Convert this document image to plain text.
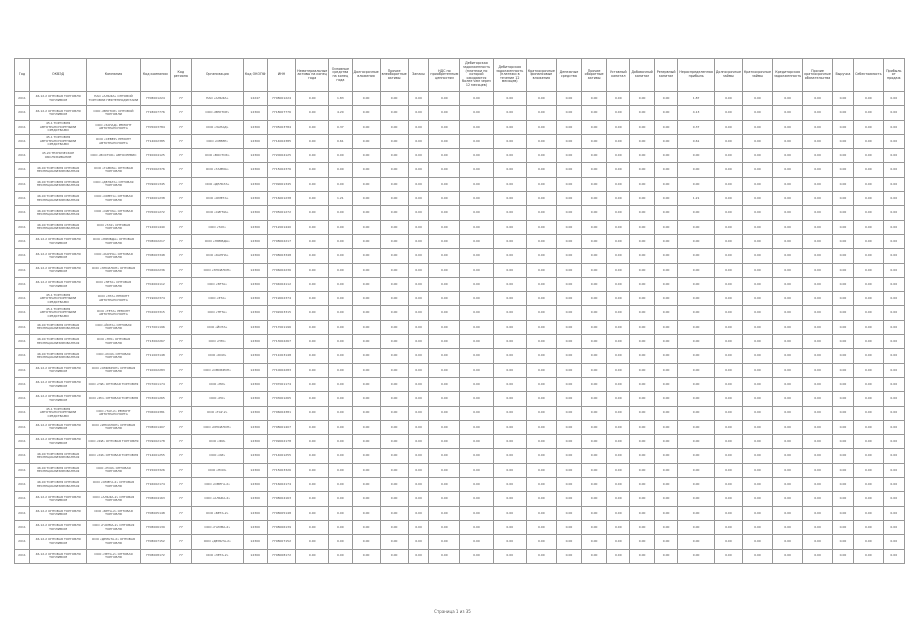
Год	ОКВЭД	Компания	Код компании	Код региона	Организация	Код ОКОПФ	ИНН	Нематериальные активы на конец года	Основные средства на конец года	Долгосрочные вложения	Прочие внеоборотные активы	Запасы	НДС по приобретенным ценностям	Дебиторская задолженность (платежи по которой ожидаются более чем через 12 месяцев)	Дебиторская задолженность (платежи в течение 12 месяцев)	Краткосрочные финансовые вложения	Денежные средства	Прочие оборотные активы	Уставный капитал	Добавочный капитал	Резервный капитал	Нераспределенная прибыль	Долгосрочные займы	Краткосрочные займы	Кредиторская задолженность	Прочие краткосрочные обязательства	Выручка	Себестоимость	Прибыль от продаж
2011	46.12.2 ОПТОВАЯ ТОРГОВЛЯ ТОПЛИВОМ	ПАО «АЛЬФА» ОПТОВОЙ ТОРГОВЛИ НЕФТЕПРОДУКТАМИ	7708001224	77	ПАО «АЛЬФА»	12247	7708001224	0.00	1.83	0.00	0.00	0.00	0.00	0.00	0.00	0.00	0.00	0.00	0.00	0.00	0.00	1.87	0.00	0.00	0.00	0.00	0.00	0.00	0.00
2011	46.12.2 ОПТОВАЯ ТОРГОВЛЯ ТОПЛИВОМ	ООО «ВЕКТОР» ОПТОВОЙ ТОРГОВЛИ	7718007776	77	ООО «ВЕКТОР»	12300	7718007776	0.00	4.20	0.00	0.00	0.00	0.00	0.00	0.00	0.00	0.00	0.00	0.00	0.00	0.00	4.13	0.00	0.00	0.00	0.00	0.00	0.00	0.00
2011	45.1 ТОРГОВЛЯ АВТОТРАНСПОРТНЫМИ СРЕДСТВАМИ	ООО «ЗАПАД» РЕМОНТ АВТОТРАНСПОРТА	7705003784	77	ООО «ЗАПАД»	12300	7705003784	0.00	0.37	0.00	0.00	0.00	0.00	0.00	0.00	0.00	0.00	0.00	0.00	0.00	0.00	0.37	0.00	0.00	0.00	0.00	0.00	0.00	0.00
2011	45.1 ТОРГОВЛЯ АВТОТРАНСПОРТНЫМИ СРЕДСТВАМИ	ООО «СЕВЕР» РЕМОНТ АВТОТРАНСПОРТА	7714002385	77	ООО «СЕВЕР»	12300	7714002385	0.00	0.61	0.00	0.00	0.00	0.00	0.00	0.00	0.00	0.00	0.00	0.00	0.00	0.00	0.61	0.00	0.00	0.00	0.00	0.00	0.00	0.00
2011	45.20 ТЕХНИЧЕСКОЕ ОБСЛУЖИВАНИЕ	ООО «ВОСТОК» АВТОСЕРВИС	7720004125	77	ООО «ВОСТОК»	12300	7720004125	0.00	0.00	0.00	0.00	0.00	0.00	0.00	0.00	0.00	0.00	0.00	0.00	0.00	0.00	0.00	0.00	0.00	0.00	0.00	0.00	0.00	0.00
2011	46.90 ТОРГОВЛЯ ОПТОВАЯ НЕСПЕЦИАЛИЗИРОВАННАЯ	ООО «ГАММА» ОПТОВАЯ ТОРГОВЛЯ	7715002376	77	ООО «ГАММА»	12300	7715002376	0.00	0.00	0.00	0.00	0.00	0.00	0.00	0.00	0.00	0.00	0.00	0.00	0.00	0.00	0.00	0.00	0.00	0.00	0.00	0.00	0.00	0.00
2011	46.90 ТОРГОВЛЯ ОПТОВАЯ НЕСПЕЦИАЛИЗИРОВАННАЯ	ООО «ДЕЛЬТА» ОПТОВАЯ ТОРГОВЛЯ	7709001345	77	ООО «ДЕЛЬТА»	12300	7709001345	0.00	0.00	0.00	0.00	0.00	0.00	0.00	0.00	0.00	0.00	0.00	0.00	0.00	0.00	0.00	0.00	0.00	0.00	0.00	0.00	0.00	0.00
2011	46.90 ТОРГОВЛЯ ОПТОВАЯ НЕСПЕЦИАЛИЗИРОВАННАЯ	ООО «ОМЕГА» ОПТОВАЯ ТОРГОВЛЯ	7716001238	77	ООО «ОМЕГА»	12300	7716001238	0.00	1.21	0.00	0.00	0.00	0.00	0.00	0.00	0.00	0.00	0.00	0.00	0.00	0.00	1.21	0.00	0.00	0.00	0.00	0.00	0.00	0.00
2011	46.90 ТОРГОВЛЯ ОПТОВАЯ НЕСПЕЦИАЛИЗИРОВАННАЯ	ООО «СИГМА» ОПТОВАЯ ТОРГОВЛЯ	7705001272	77	ООО «СИГМА»	12300	7705001272	0.00	0.00	0.00	0.00	0.00	0.00	0.00	0.00	0.00	0.00	0.00	0.00	0.00	0.00	0.00	0.00	0.00	0.00	0.00	0.00	0.00	0.00
2011	46.90 ТОРГОВЛЯ ОПТОВАЯ НЕСПЕЦИАЛИЗИРОВАННАЯ	ООО «ТАУ» ОПТОВАЯ ТОРГОВЛЯ	7712001440	77	ООО «ТАУ»	12300	7712001440	0.00	0.00	0.00	0.00	0.00	0.00	0.00	0.00	0.00	0.00	0.00	0.00	0.00	0.00	0.00	0.00	0.00	0.00	0.00	0.00	0.00	0.00
2011	46.12.2 ОПТОВАЯ ТОРГОВЛЯ ТОПЛИВОМ	ООО «ЛЯМБДА» ОПТОВАЯ ТОРГОВЛЯ	7708002217	77	ООО «ЛЯМБДА»	12300	7708002217	0.00	0.00	0.00	0.00	0.00	0.00	0.00	0.00	0.00	0.00	0.00	0.00	0.00	0.00	0.00	0.00	0.00	0.00	0.00	0.00	0.00	0.00
2011	46.12.2 ОПТОВАЯ ТОРГОВЛЯ ТОПЛИВОМ	ООО «КАППА» ОПТОВАЯ ТОРГОВЛЯ	7708003348	77	ООО «КАППА»	12300	7708003348	0.00	0.00	0.00	0.00	0.00	0.00	0.00	0.00	0.00	0.00	0.00	0.00	0.00	0.00	0.00	0.00	0.00	0.00	0.00	0.00	0.00	0.00
2011	46.12.2 ОПТОВАЯ ТОРГОВЛЯ ТОПЛИВОМ	ООО «ЭПСИЛОН» ОПТОВАЯ ТОРГОВЛЯ	7706002236	77	ООО «ЭПСИЛОН»	12300	7706002236	0.00	0.00	0.00	0.00	0.00	0.00	0.00	0.00	0.00	0.00	0.00	0.00	0.00	0.00	0.00	0.00	0.00	0.00	0.00	0.00	0.00	0.00
2011	46.12.2 ОПТОВАЯ ТОРГОВЛЯ ТОПЛИВОМ	ООО «ЗЕТА» ОПТОВАЯ ТОРГОВЛЯ	7704004112	77	ООО «ЗЕТА»	12300	7704004112	0.00	0.00	0.00	0.00	0.00	0.00	0.00	0.00	0.00	0.00	0.00	0.00	0.00	0.00	0.00	0.00	0.00	0.00	0.00	0.00	0.00	0.00
2011	45.1 ТОРГОВЛЯ АВТОТРАНСПОРТНЫМИ СРЕДСТВАМИ	ООО «ЭТА» РЕМОНТ АВТОТРАНСПОРТА	7719002374	77	ООО «ЭТА»	12300	7719002374	0.00	0.00	0.00	0.00	0.00	0.00	0.00	0.00	0.00	0.00	0.00	0.00	0.00	0.00	0.00	0.00	0.00	0.00	0.00	0.00	0.00	0.00
2011	45.1 ТОРГОВЛЯ АВТОТРАНСПОРТНЫМИ СРЕДСТВАМИ	ООО «ТЕТА» РЕМОНТ АВТОТРАНСПОРТА	7702003315	77	ООО «ТЕТА»	12300	7702003315	0.00	0.00	0.00	0.00	0.00	0.00	0.00	0.00	0.00	0.00	0.00	0.00	0.00	0.00	0.00	0.00	0.00	0.00	0.00	0.00	0.00	0.00
2011	46.90 ТОРГОВЛЯ ОПТОВАЯ НЕСПЕЦИАЛИЗИРОВАННАЯ	ООО «ЙОТА» ОПТОВАЯ ТОРГОВЛЯ	7717001196	77	ООО «ЙОТА»	12300	7717001196	0.00	0.00	0.00	0.00	0.00	0.00	0.00	0.00	0.00	0.00	0.00	0.00	0.00	0.00	0.00	0.00	0.00	0.00	0.00	0.00	0.00	0.00
2011	46.90 ТОРГОВЛЯ ОПТОВАЯ НЕСПЕЦИАЛИЗИРОВАННАЯ	ООО «НЮ» ОПТОВАЯ ТОРГОВЛЯ	7713002267	77	ООО «НЮ»	12300	7713002267	0.00	0.00	0.00	0.00	0.00	0.00	0.00	0.00	0.00	0.00	0.00	0.00	0.00	0.00	0.00	0.00	0.00	0.00	0.00	0.00	0.00	0.00
2011	46.90 ТОРГОВЛЯ ОПТОВАЯ НЕСПЕЦИАЛИЗИРОВАННАЯ	ООО «КСИ» ОПТОВАЯ ТОРГОВЛЯ	7711003148	77	ООО «КСИ»	12300	7711003148	0.00	0.00	0.00	0.00	0.00	0.00	0.00	0.00	0.00	0.00	0.00	0.00	0.00	0.00	0.00	0.00	0.00	0.00	0.00	0.00	0.00	0.00
2011	46.12.2 ОПТОВАЯ ТОРГОВЛЯ ТОПЛИВОМ	ООО «ОМИКРОН» ОПТОВАЯ ТОРГОВЛЯ	7710002283	77	ООО «ОМИКРОН»	12300	7710002283	0.00	0.00	0.00	0.00	0.00	0.00	0.00	0.00	0.00	0.00	0.00	0.00	0.00	0.00	0.00	0.00	0.00	0.00	0.00	0.00	0.00	0.00
2011	46.12.2 ОПТОВАЯ ТОРГОВЛЯ ТОПЛИВОМ	ООО «ПИ» ОПТОВАЯ ТОРГОВЛЯ	7707001174	77	ООО «ПИ»	12300	7707001174	0.00	0.00	0.00	0.00	0.00	0.00	0.00	0.00	0.00	0.00	0.00	0.00	0.00	0.00	0.00	0.00	0.00	0.00	0.00	0.00	0.00	0.00
2011	46.12.2 ОПТОВАЯ ТОРГОВЛЯ ТОПЛИВОМ	ООО «РО» ОПТОВАЯ ТОРГОВЛЯ	7703001265	77	ООО «РО»	12300	7703001265	0.00	0.00	0.00	0.00	0.00	0.00	0.00	0.00	0.00	0.00	0.00	0.00	0.00	0.00	0.00	0.00	0.00	0.00	0.00	0.00	0.00	0.00
2011	45.1 ТОРГОВЛЯ АВТОТРАНСПОРТНЫМИ СРЕДСТВАМИ	ООО «ТАУ-2» РЕМОНТ АВТОТРАНСПОРТА	7706004381	77	ООО «ТАУ-2»	12300	7706004381	0.00	0.00	0.00	0.00	0.00	0.00	0.00	0.00	0.00	0.00	0.00	0.00	0.00	0.00	0.00	0.00	0.00	0.00	0.00	0.00	0.00	0.00
2011	46.12.2 ОПТОВАЯ ТОРГОВЛЯ ТОПЛИВОМ	ООО «ИПСИЛОН» ОПТОВАЯ ТОРГОВЛЯ	7708001407	77	ООО «ИПСИЛОН»	12300	7708001407	0.00	0.00	0.00	0.00	0.00	0.00	0.00	0.00	0.00	0.00	0.00	0.00	0.00	0.00	0.00	0.00	0.00	0.00	0.00	0.00	0.00	0.00
2011	46.12.2 ОПТОВАЯ ТОРГОВЛЯ ТОПЛИВОМ	ООО «ФИ» ОПТОВАЯ ТОРГОВЛЯ	7709002178	77	ООО «ФИ»	12300	7709002178	0.00	0.00	0.00	0.00	0.00	0.00	0.00	0.00	0.00	0.00	0.00	0.00	0.00	0.00	0.00	0.00	0.00	0.00	0.00	0.00	0.00	0.00
2011	46.90 ТОРГОВЛЯ ОПТОВАЯ НЕСПЕЦИАЛИЗИРОВАННАЯ	ООО «ХИ» ОПТОВАЯ ТОРГОВЛЯ	7714001255	77	ООО «ХИ»	12300	7714001255	0.00	0.00	0.00	0.00	0.00	0.00	0.00	0.00	0.00	0.00	0.00	0.00	0.00	0.00	0.00	0.00	0.00	0.00	0.00	0.00	0.00	0.00
2011	46.90 ТОРГОВЛЯ ОПТОВАЯ НЕСПЕЦИАЛИЗИРОВАННАЯ	ООО «ПСИ» ОПТОВАЯ ТОРГОВЛЯ	7715003326	77	ООО «ПСИ»	12300	7715003326	0.00	0.00	0.00	0.00	0.00	0.00	0.00	0.00	0.00	0.00	0.00	0.00	0.00	0.00	0.00	0.00	0.00	0.00	0.00	0.00	0.00	0.00
2011	46.90 ТОРГОВЛЯ ОПТОВАЯ НЕСПЕЦИАЛИЗИРОВАННАЯ	ООО «ОМЕГА-2» ОПТОВАЯ ТОРГОВЛЯ	7716002174	77	ООО «ОМЕГА-2»	12300	7716002174	0.00	0.00	0.00	0.00	0.00	0.00	0.00	0.00	0.00	0.00	0.00	0.00	0.00	0.00	0.00	0.00	0.00	0.00	0.00	0.00	0.00	0.00
2011	46.12.2 ОПТОВАЯ ТОРГОВЛЯ ТОПЛИВОМ	ООО «АЛЬФА-2» ОПТОВАЯ ТОРГОВЛЯ	7708004163	77	ООО «АЛЬФА-2»	12300	7708004163	0.00	0.00	0.00	0.00	0.00	0.00	0.00	0.00	0.00	0.00	0.00	0.00	0.00	0.00	0.00	0.00	0.00	0.00	0.00	0.00	0.00	0.00
2011	46.12.2 ОПТОВАЯ ТОРГОВЛЯ ТОПЛИВОМ	ООО «БЕТА-2» ОПТОВАЯ ТОРГОВЛЯ	7708005148	77	ООО «БЕТА-2»	12300	7708005148	0.00	0.00	0.00	0.00	0.00	0.00	0.00	0.00	0.00	0.00	0.00	0.00	0.00	0.00	0.00	0.00	0.00	0.00	0.00	0.00	0.00	0.00
2011	46.12.2 ОПТОВАЯ ТОРГОВЛЯ ТОПЛИВОМ	ООО «ГАММА-2» ОПТОВАЯ ТОРГОВЛЯ	7708006139	77	ООО «ГАММА-2»	12300	7708006139	0.00	0.00	0.00	0.00	0.00	0.00	0.00	0.00	0.00	0.00	0.00	0.00	0.00	0.00	0.00	0.00	0.00	0.00	0.00	0.00	0.00	0.00
2011	46.12.2 ОПТОВАЯ ТОРГОВЛЯ ТОПЛИВОМ	ООО «ДЕЛЬТА-2» ОПТОВАЯ ТОРГОВЛЯ	7708007152	77	ООО «ДЕЛЬТА-2»	12300	7708007152	0.00	0.00	0.00	0.00	0.00	0.00	0.00	0.00	0.00	0.00	0.00	0.00	0.00	0.00	0.00	0.00	0.00	0.00	0.00	0.00	0.00	0.00
2011	46.12.2 ОПТОВАЯ ТОРГОВЛЯ ТОПЛИВОМ	ООО «ЗЕТА-2» ОПТОВАЯ ТОРГОВЛЯ	7708008172	77	ООО «ЗЕТА-2»	12300	7708008172	0.00	0.00	0.00	0.00	0.00	0.00	0.00	0.00	0.00	0.00	0.00	0.00	0.00	0.00	0.00	0.00	0.00	0.00	0.00	0.00	0.00	0.00
Страница 1 из 35
